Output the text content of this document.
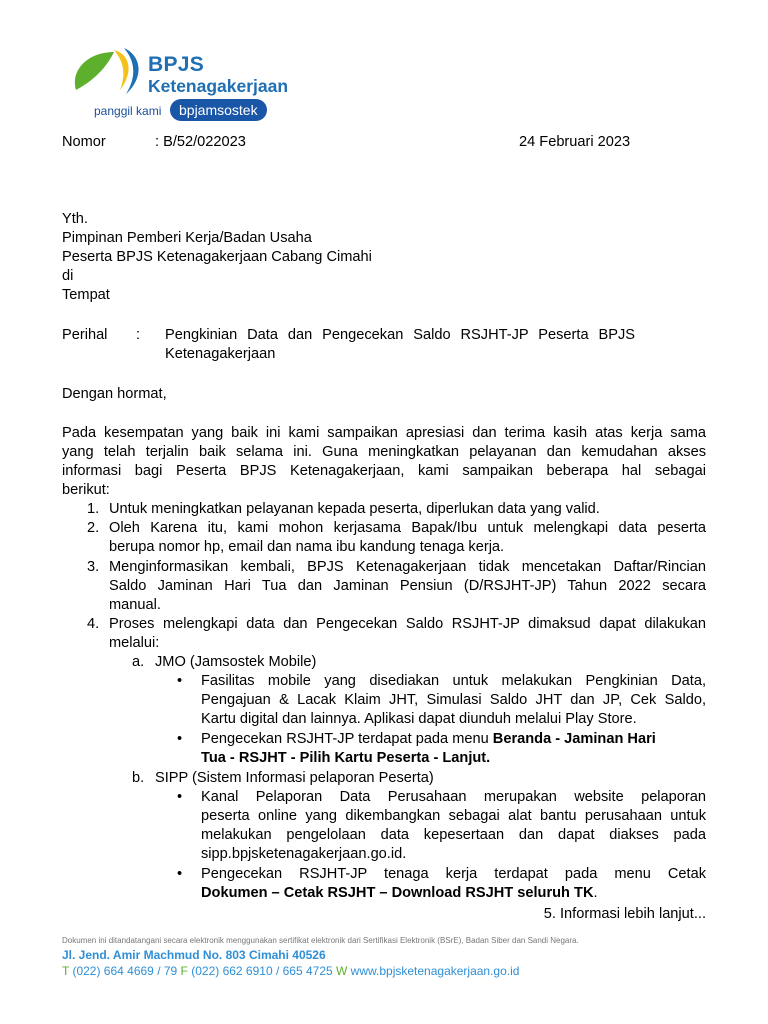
BPJS
Ketenagakerjaan
panggil kami	bpjamsostek
Nomor	: B/52/022023	24 Februari 2023
Yth.
Pimpinan Pemberi Kerja/Badan Usaha
Peserta BPJS Ketenagakerjaan Cabang Cimahi
di
Tempat
Perihal : Pengkinian Data dan Pengecekan Saldo RSJHT-JP Peserta BPJS
Ketenagakerjaan
Dengan hormat,
Pada kesempatan yang baik ini kami sampaikan apresiasi dan terima kasih atas kerja sama
yang telah terjalin baik selama ini. Guna meningkatkan pelayanan dan kemudahan akses
informasi bagi Peserta BPJS Ketenagakerjaan, kami sampaikan beberapa hal sebagai
berikut:
1. Untuk meningkatkan pelayanan kepada peserta, diperlukan data yang valid.
2. Oleh Karena itu, kami mohon kerjasama Bapak/Ibu untuk melengkapi data peserta
berupa nomor hp, email dan nama ibu kandung tenaga kerja.
3. Menginformasikan kembali, BPJS Ketenagakerjaan tidak mencetakan Daftar/Rincian
Saldo Jaminan Hari Tua dan Jaminan Pensiun (D/RSJHT-JP) Tahun 2022 secara
manual.
4. Proses melengkapi data dan Pengecekan Saldo RSJHT-JP dimaksud dapat dilakukan
melalui:
a. JMO (Jamsostek Mobile)
• Fasilitas mobile yang disediakan untuk melakukan Pengkinian Data,
Pengajuan & Lacak Klaim JHT, Simulasi Saldo JHT dan JP, Cek Saldo,
Kartu digital dan lainnya. Aplikasi dapat diunduh melalui Play Store.
• Pengecekan RSJHT-JP terdapat pada menu Beranda - Jaminan Hari
Tua - RSJHT - Pilih Kartu Peserta - Lanjut.
b. SIPP (Sistem Informasi pelaporan Peserta)
• Kanal Pelaporan Data Perusahaan merupakan website pelaporan
peserta online yang dikembangkan sebagai alat bantu perusahaan untuk
melakukan pengelolaan data kepesertaan dan dapat diakses pada
sipp.bpjsketenagakerjaan.go.id.
• Pengecekan RSJHT-JP tenaga kerja terdapat pada menu Cetak
Dokumen – Cetak RSJHT – Download RSJHT seluruh TK.
5. Informasi lebih lanjut...
Dokumen ini ditandatangani secara elektronik menggunakan sertifikat elektronik dari Sertifikasi Elektronik (BSrE), Badan Siber dan Sandi Negara.
Jl. Jend. Amir Machmud No. 803 Cimahi 40526
T (022) 664 4669 / 79 F (022) 662 6910 / 665 4725 W www.bpjsketenagakerjaan.go.id
